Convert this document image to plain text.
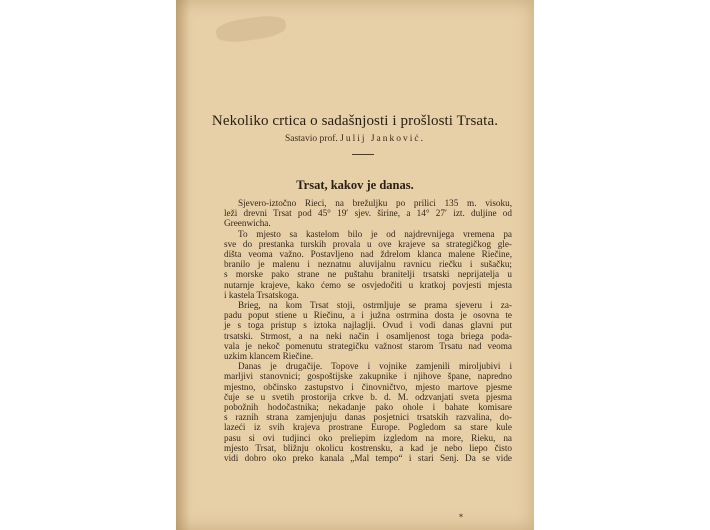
Nekoliko crtica o sadašnjosti i prošlosti Trsata.
Sastavio prof. Julij Janković.
Trsat, kakov je danas.
Sjevero-iztočno Rieci, na brežuljku po prilici 135 m. visoku,
leži drevni Trsat pod 45° 19′ sjev. širine, a 14° 27′ izt. duljine od
Greenwicha.
To mjesto sa kastelom bilo je od najdrevnijega vremena pa
sve do prestanka turskih provala u ove krajeve sa strategičkog gle-
dišta veoma važno. Postavljeno nad ždrelom klanca malene Riečine,
branilo je malenu i neznatnu aluvijalnu ravnicu riečku i sušačku;
s morske pako strane ne puštahu branitelji trsatski neprijatelja u
nutarnje krajeve, kako ćemo se osvjedočiti u kratkoj povjesti mjesta
i kastela Trsatskoga.
Brieg, na kom Trsat stoji, ostrmljuje se prama sjeveru i za-
padu poput stiene u Riečinu, a i južna ostrmina dosta je osovna te
je s toga pristup s iztoka najlaglji. Ovud i vodi danas glavni put
trsatski. Strmost, a na neki način i osamljenost toga briega poda-
vala je nekoč pomenutu strategičku važnost starom Trsatu nad veoma
uzkim klancem Riečine.
Danas je drugačije. Topove i vojnike zamjenili miroljubivi i
marljivi stanovnici; gospoštijske zakupnike i njihove španе, napredno
mjestno, občinsko zastupstvo i činovničtvo, mjesto martove pjesme
čuje se u svetih prostorija crkve b. d. M. odzvanjati sveta pjesma
pobožnih hodočastnika; nekadanje pako ohole i bahate komisare
s raznih strana zamjenjuju danas posjetnici trsatskih razvalina, do-
lazeći iz svih krajeva prostrane Europe. Pogledom sa stare kule
pasu si ovi tudjinci oko preliepim izgledom na more, Rieku, na
mjesto Trsat, bližnju okolicu kostrensku, a kad je nebo liepo čisto
vidi dobro oko preko kanala „Mal tempo“ i stari Senj. Da se vide
*
